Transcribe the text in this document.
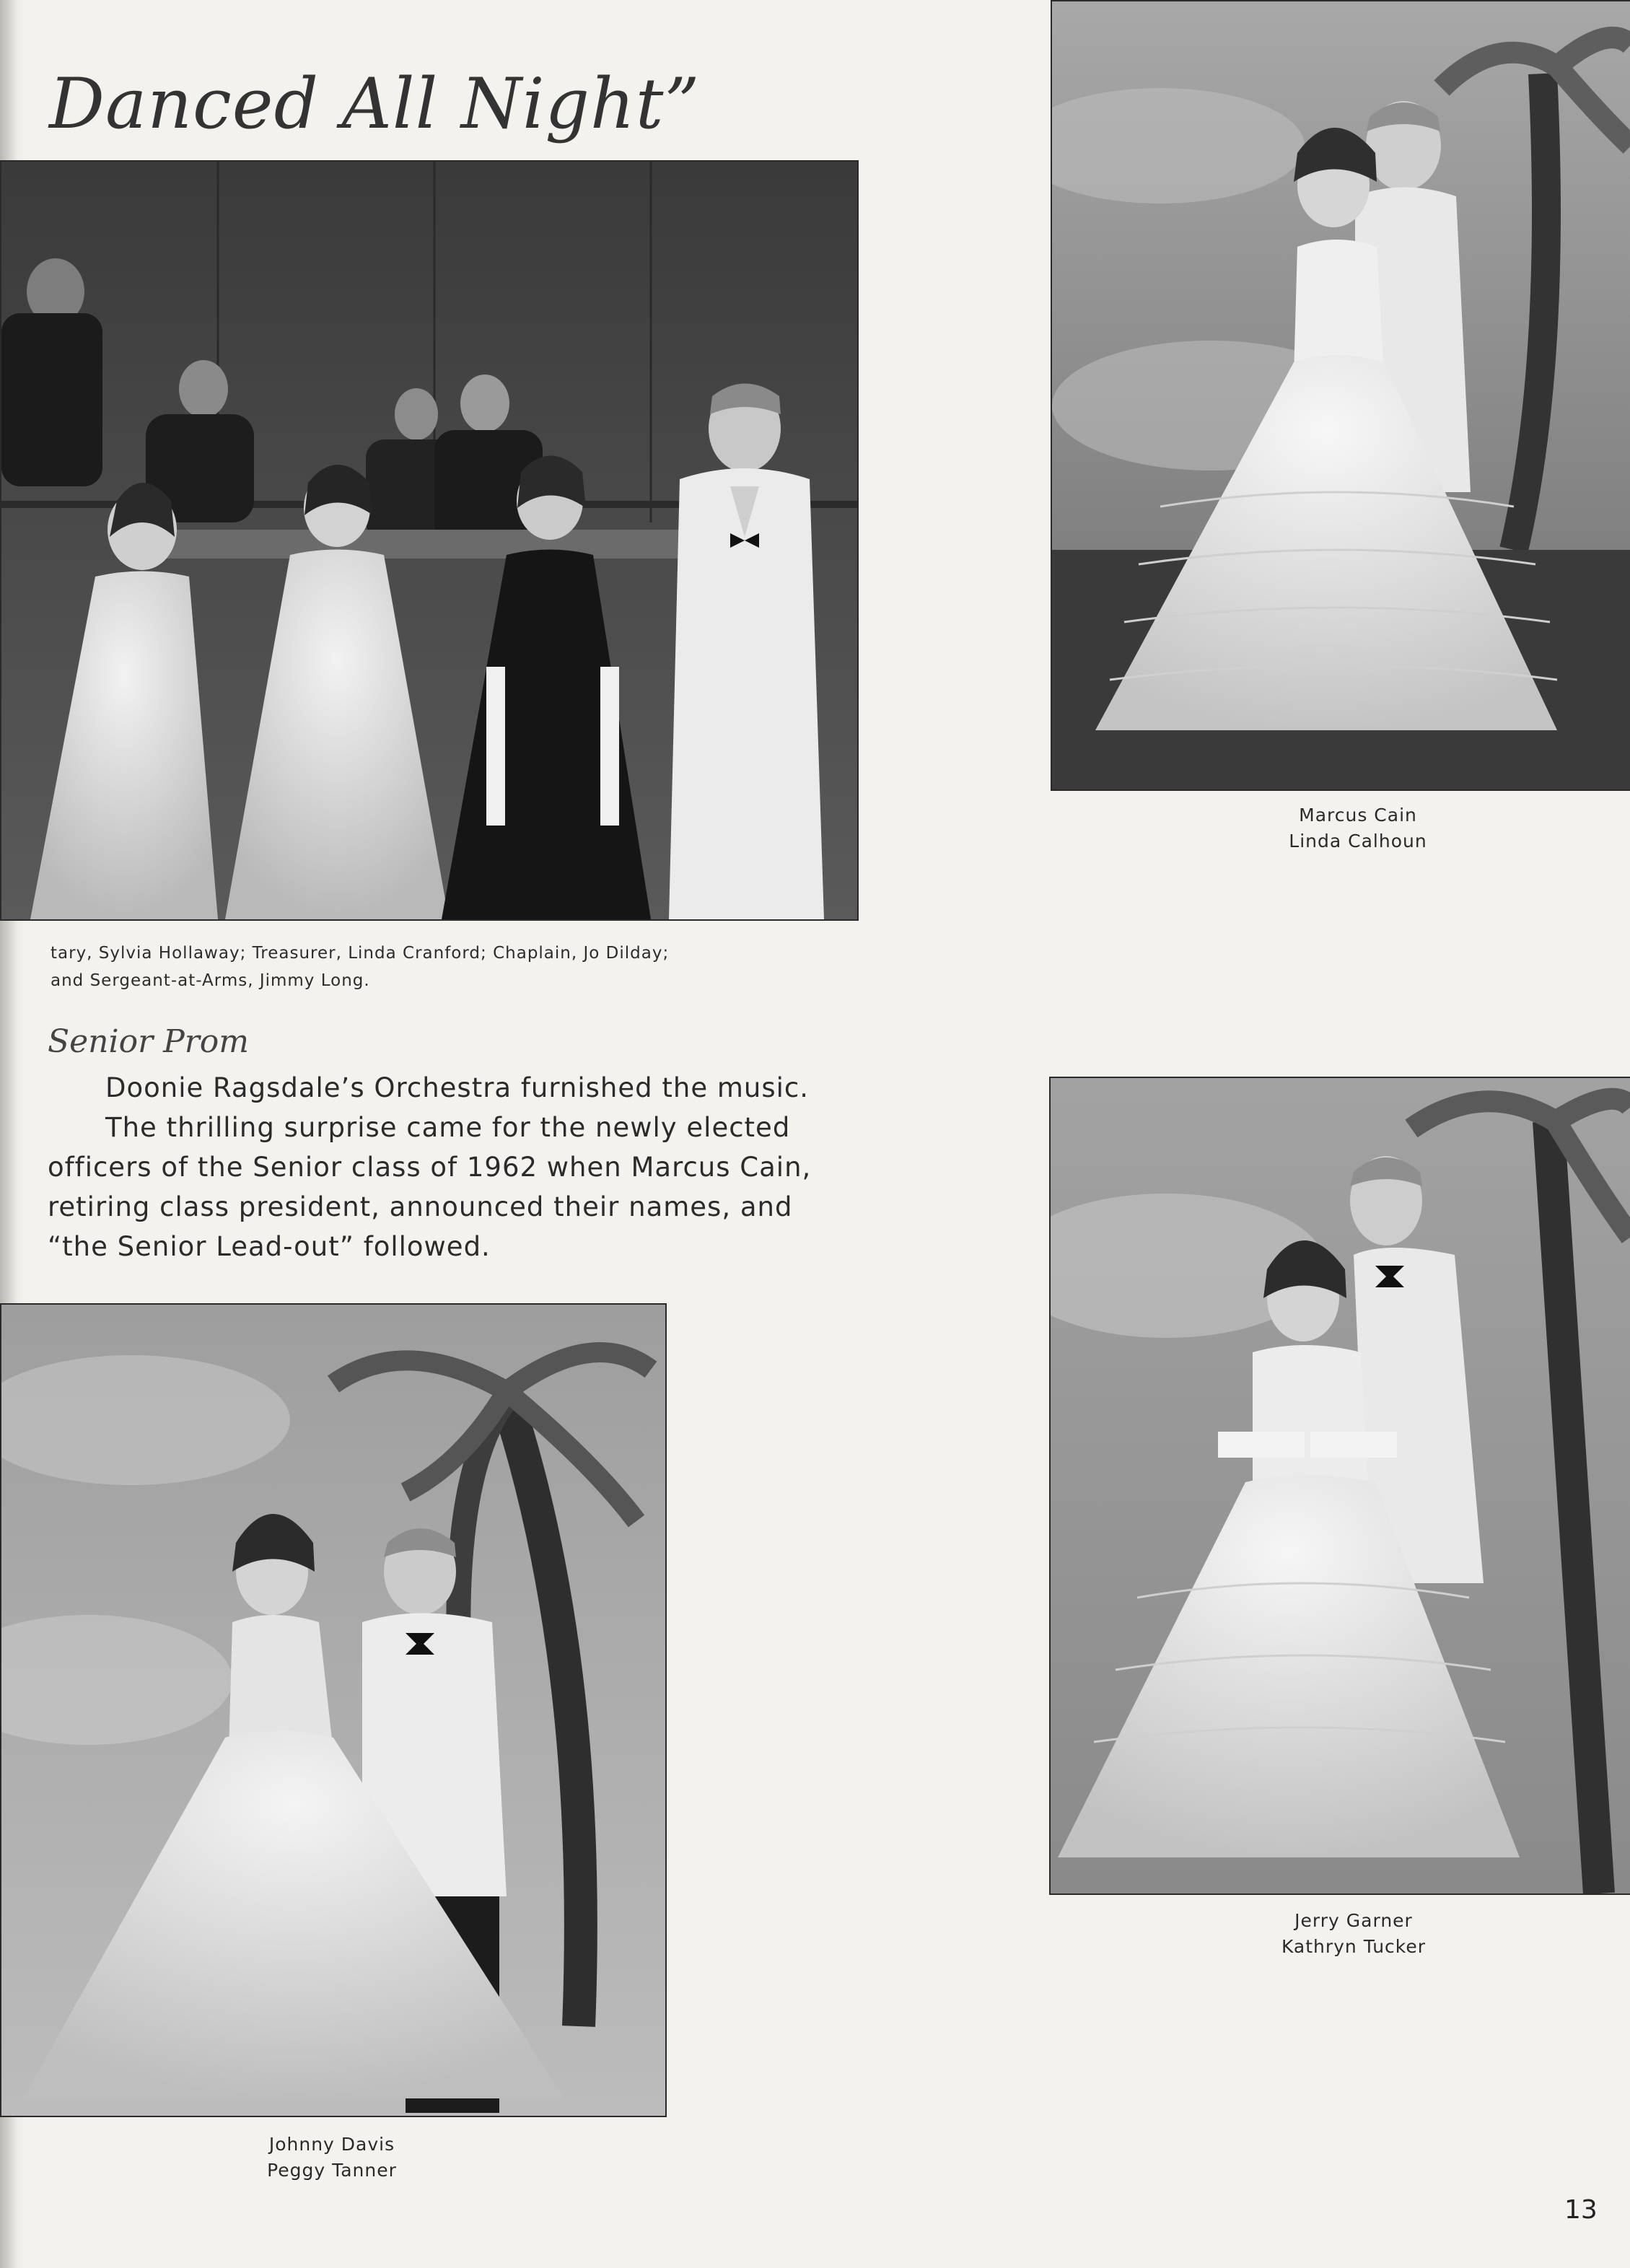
Danced All Night”
tary, Sylvia Hollaway; Treasurer, Linda Cranford; Chaplain, Jo Dilday;
and Sergeant-at-Arms, Jimmy Long.
Marcus Cain
Linda Calhoun
Senior Prom

Doonie Ragsdale’s Orchestra furnished the music.

The thrilling surprise came for the newly elected officers of the Senior class of 1962 when Marcus Cain, retiring class president, announced their names, and “the Senior Lead-out” followed.

Johnny Davis
Peggy Tanner
Jerry Garner
Kathryn Tucker
13
